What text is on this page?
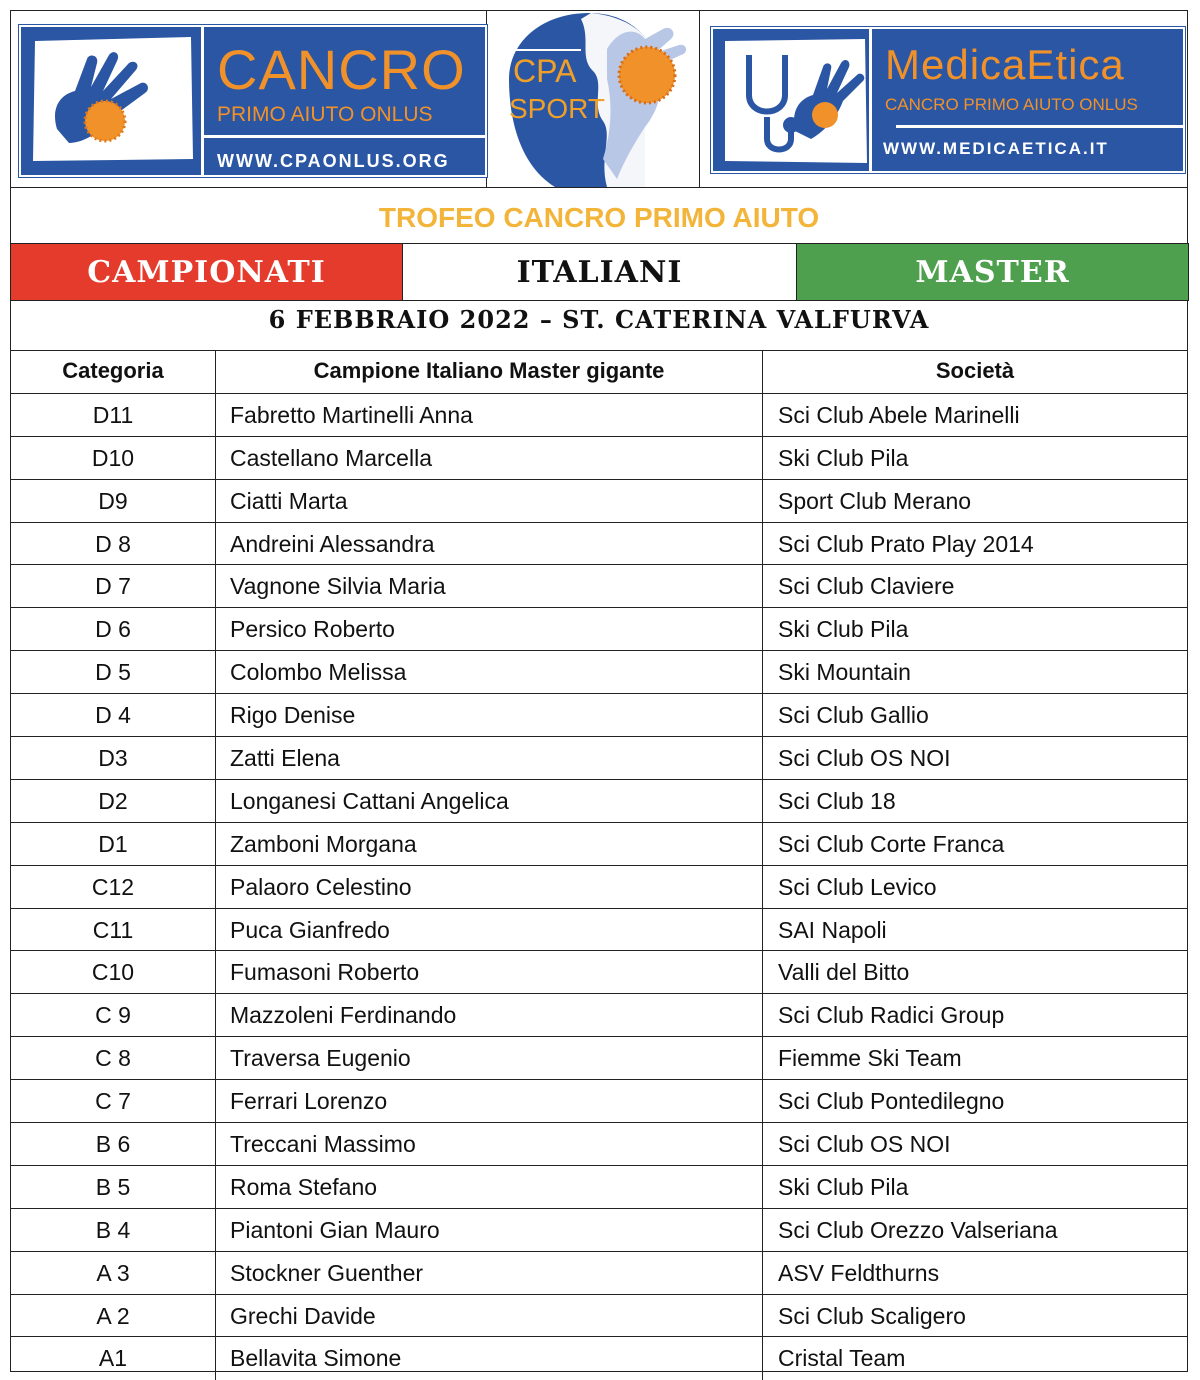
CANCRO
PRIMO AIUTO ONLUS
WWW.CPAONLUS.ORG
CPA
SPORT
MedicaEtica
CANCRO PRIMO AIUTO ONLUS
WWW.MEDICAETICA.IT
TROFEO CANCRO PRIMO AIUTO
CAMPIONATI	ITALIANI	MASTER
6 FEBBRAIO 2022 – ST. CATERINA VALFURVA
Categoria	Campione Italiano Master gigante	Società
D11	Fabretto Martinelli Anna	Sci Club Abele Marinelli
D10	Castellano Marcella	Ski Club Pila
D9	Ciatti Marta	Sport Club Merano
D 8	Andreini Alessandra	Sci Club Prato Play 2014
D 7	Vagnone Silvia Maria	Sci Club Claviere
D 6	Persico Roberto	Ski Club Pila
D 5	Colombo Melissa	Ski Mountain
D 4	Rigo Denise	Sci Club Gallio
D3	Zatti Elena	Sci Club OS NOI
D2	Longanesi Cattani Angelica	Sci Club 18
D1	Zamboni Morgana	Sci Club Corte Franca
C12	Palaoro Celestino	Sci Club Levico
C11	Puca Gianfredo	SAI Napoli
C10	Fumasoni Roberto	Valli del Bitto
C 9	Mazzoleni Ferdinando	Sci Club Radici Group
C 8	Traversa Eugenio	Fiemme Ski Team
C 7	Ferrari Lorenzo	Sci Club Pontedilegno
B 6	Treccani Massimo	Sci Club OS NOI
B 5	Roma Stefano	Ski Club Pila
B 4	Piantoni Gian Mauro	Sci Club Orezzo Valseriana
A 3	Stockner Guenther	ASV Feldthurns
A 2	Grechi Davide	Sci Club Scaligero
A1	Bellavita Simone	Cristal Team
